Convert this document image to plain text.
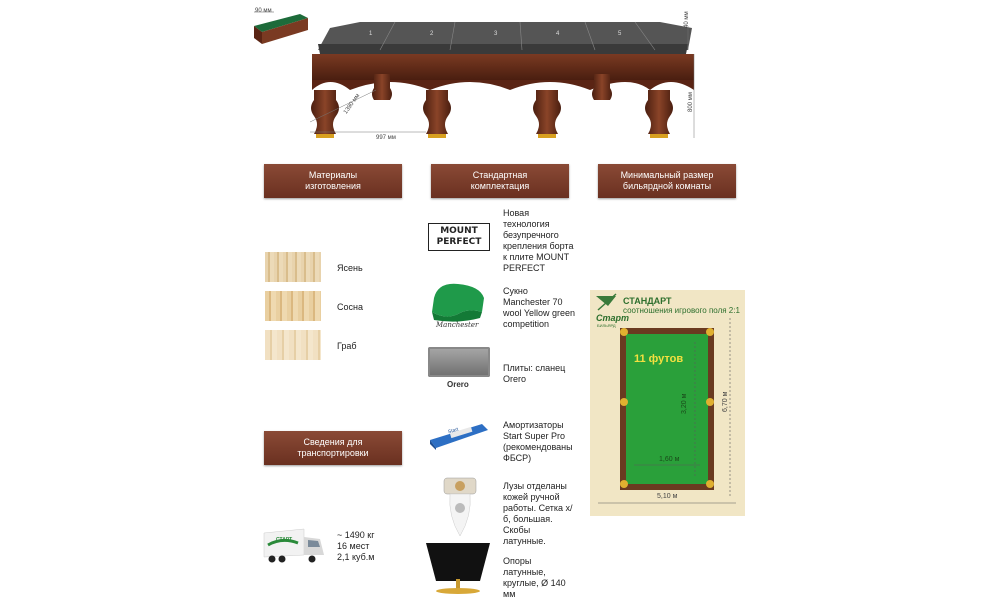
90 мм
1	2	3	4	5
40 мм
800 мм
1390 мм
997 мм
Материалы изготовления
Стандартная комплектация
Минимальный размер бильярдной комнаты
Сведения для транспортировки
Ясень
Сосна
Граб
MOUNT PERFECT
Новая технология безупречного крепления борта к плите MOUNT PERFECT
Manchester
Сукно Manchester 70 wool Yellow green competition
Orero
Плиты: сланец Orero
Start
Амортизаторы Start Super Pro (рекомендованы ФБСР)
Лузы отделаны кожей ручной работы. Сетка х/б, большая. Скобы латунные.
Опоры латунные, круглые, Ø 140 мм
Старт
БИЛЬЯРД
СТАНДАРТ
соотношения игрового поля 2:1
11 футов
3,20 м
1,60 м
5,10 м
6,70 м
СТАРТ	~ 1490 кг
16 мест
2,1 куб.м
